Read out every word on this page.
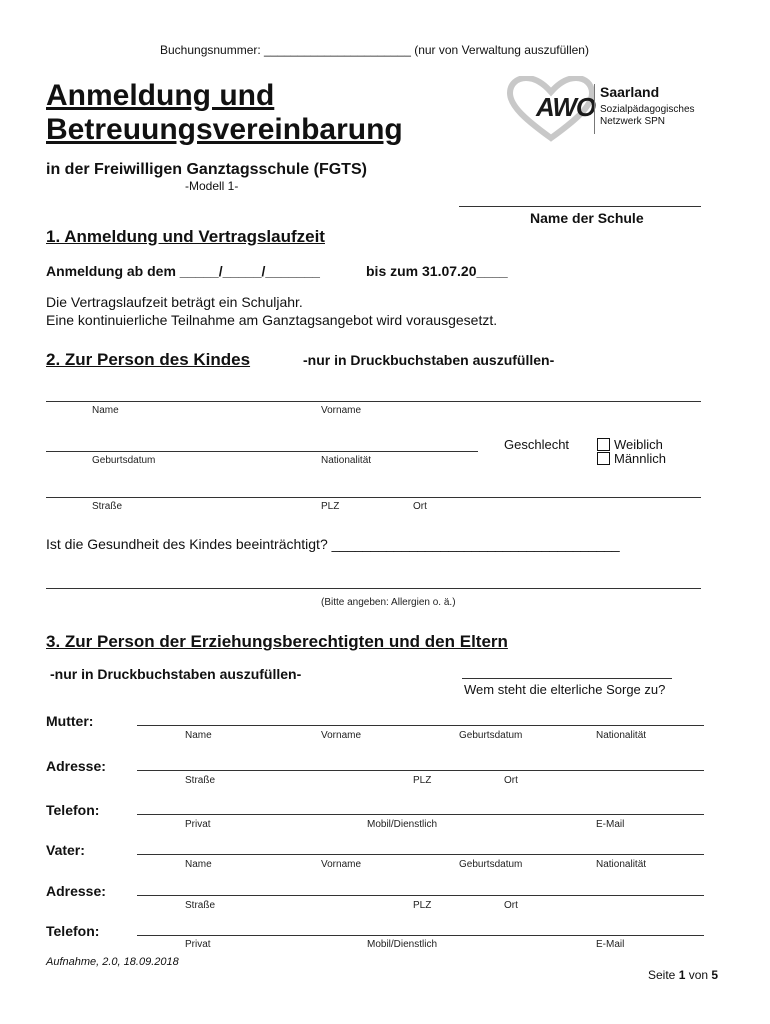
Buchungsnummer: ______________________ (nur von Verwaltung auszufüllen)
Anmeldung und
Betreuungsvereinbarung
in der Freiwilligen Ganztagsschule (FGTS)
-Modell 1-
AWO Saarland
Sozialpädagogisches
Netzwerk SPN
Name der Schule
1. Anmeldung und Vertragslaufzeit
Anmeldung ab dem _____/_____/_______	bis zum 31.07.20____
Die Vertragslaufzeit beträgt ein Schuljahr.
Eine kontinuierliche Teilnahme am Ganztagsangebot wird vorausgesetzt.
2. Zur Person des Kindes	-nur in Druckbuchstaben auszufüllen-
Name	Vorname
Geburtsdatum	Nationalität
Geschlecht	Weiblich
Männlich
Straße	PLZ	Ort
Ist die Gesundheit des Kindes beeinträchtigt? _____________________________________
(Bitte angeben: Allergien o. ä.)
3. Zur Person der Erziehungsberechtigten und den Eltern
-nur in Druckbuchstaben auszufüllen-
Wem steht die elterliche Sorge zu?
Mutter:
Name	Vorname	Geburtsdatum	Nationalität
Adresse:
Straße	PLZ	Ort
Telefon:
Privat	Mobil/Dienstlich	E-Mail
Vater:
Name	Vorname	Geburtsdatum	Nationalität
Adresse:
Straße	PLZ	Ort
Telefon:
Privat	Mobil/Dienstlich	E-Mail
Aufnahme, 2.0, 18.09.2018
Seite 1 von 5
